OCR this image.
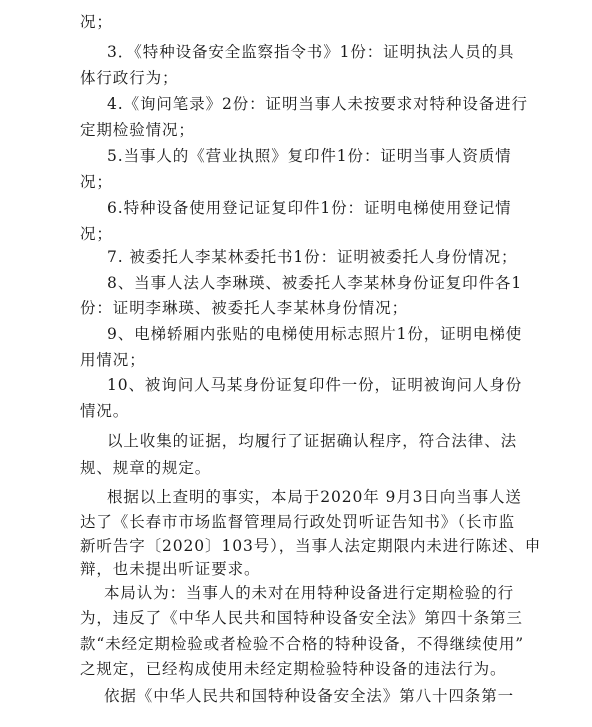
况；
3．《特种设备安全监察指令书》1份：证明执法人员的具
体行政行为；
4.《询问笔录》2份：证明当事人未按要求对特种设备进行
定期检验情况；
5.当事人的《营业执照》复印件1份：证明当事人资质情
况；
6.特种设备使用登记证复印件1份：证明电梯使用登记情
况；
7. 被委托人李某林委托书1份：证明被委托人身份情况；
8、当事人法人李琳瑛、被委托人李某林身份证复印件各1
份：证明李琳瑛、被委托人李某林身份情况；
9、电梯轿厢内张贴的电梯使用标志照片1份，证明电梯使
用情况；
10、被询问人马某身份证复印件一份，证明被询问人身份
情况。
以上收集的证据，均履行了证据确认程序，符合法律、法
规、规章的规定。
根据以上查明的事实，本局于2020年 9月3日向当事人送
达了《长春市市场监督管理局行政处罚听证告知书》（长市监
新听告字〔2020〕103号），当事人法定期限内未进行陈述、申
辩，也未提出听证要求。
本局认为：当事人的未对在用特种设备进行定期检验的行
为，违反了《中华人民共和国特种设备安全法》第四十条第三
款“未经定期检验或者检验不合格的特种设备，不得继续使用”
之规定，已经构成使用未经定期检验特种设备的违法行为。
依据《中华人民共和国特种设备安全法》第八十四条第一
